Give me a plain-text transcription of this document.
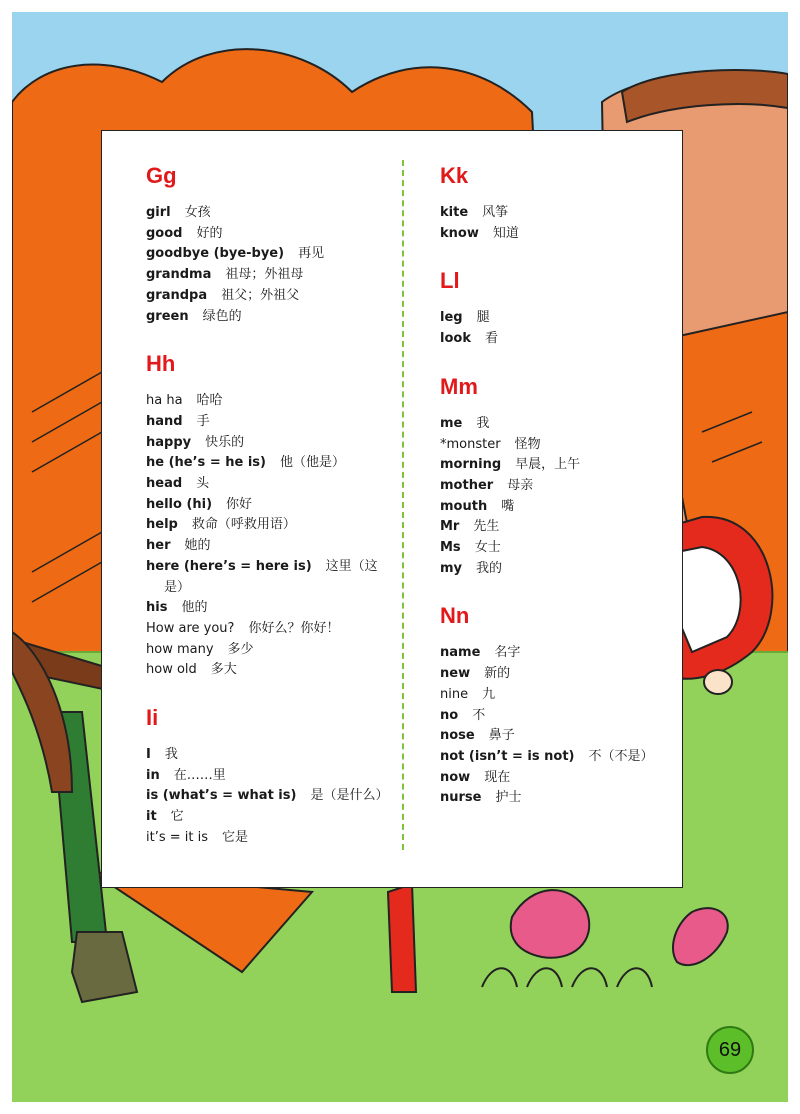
Gg
girl 女孩
good 好的
goodbye (bye-bye) 再见
grandma 祖母；外祖母
grandpa 祖父；外祖父
green 绿色的
Hh
ha ha 哈哈
hand 手
happy 快乐的
he (he’s = he is) 他（他是）
head 头
hello (hi) 你好
help 救命（呼救用语）
her 她的
here (here’s = here is) 这里（这
是）
his 他的
How are you? 你好么？你好！
how many 多少
how old 多大
Ii
I 我
in 在……里
is (what’s = what is) 是（是什么）
it 它
it’s = it is 它是
Kk
kite 风筝
know 知道
Ll
leg 腿
look 看
Mm
me 我
*monster 怪物
morning 早晨，上午
mother 母亲
mouth 嘴
Mr 先生
Ms 女士
my 我的
Nn
name 名字
new 新的
nine 九
no 不
nose 鼻子
not (isn’t = is not) 不（不是）
now 现在
nurse 护士
69
